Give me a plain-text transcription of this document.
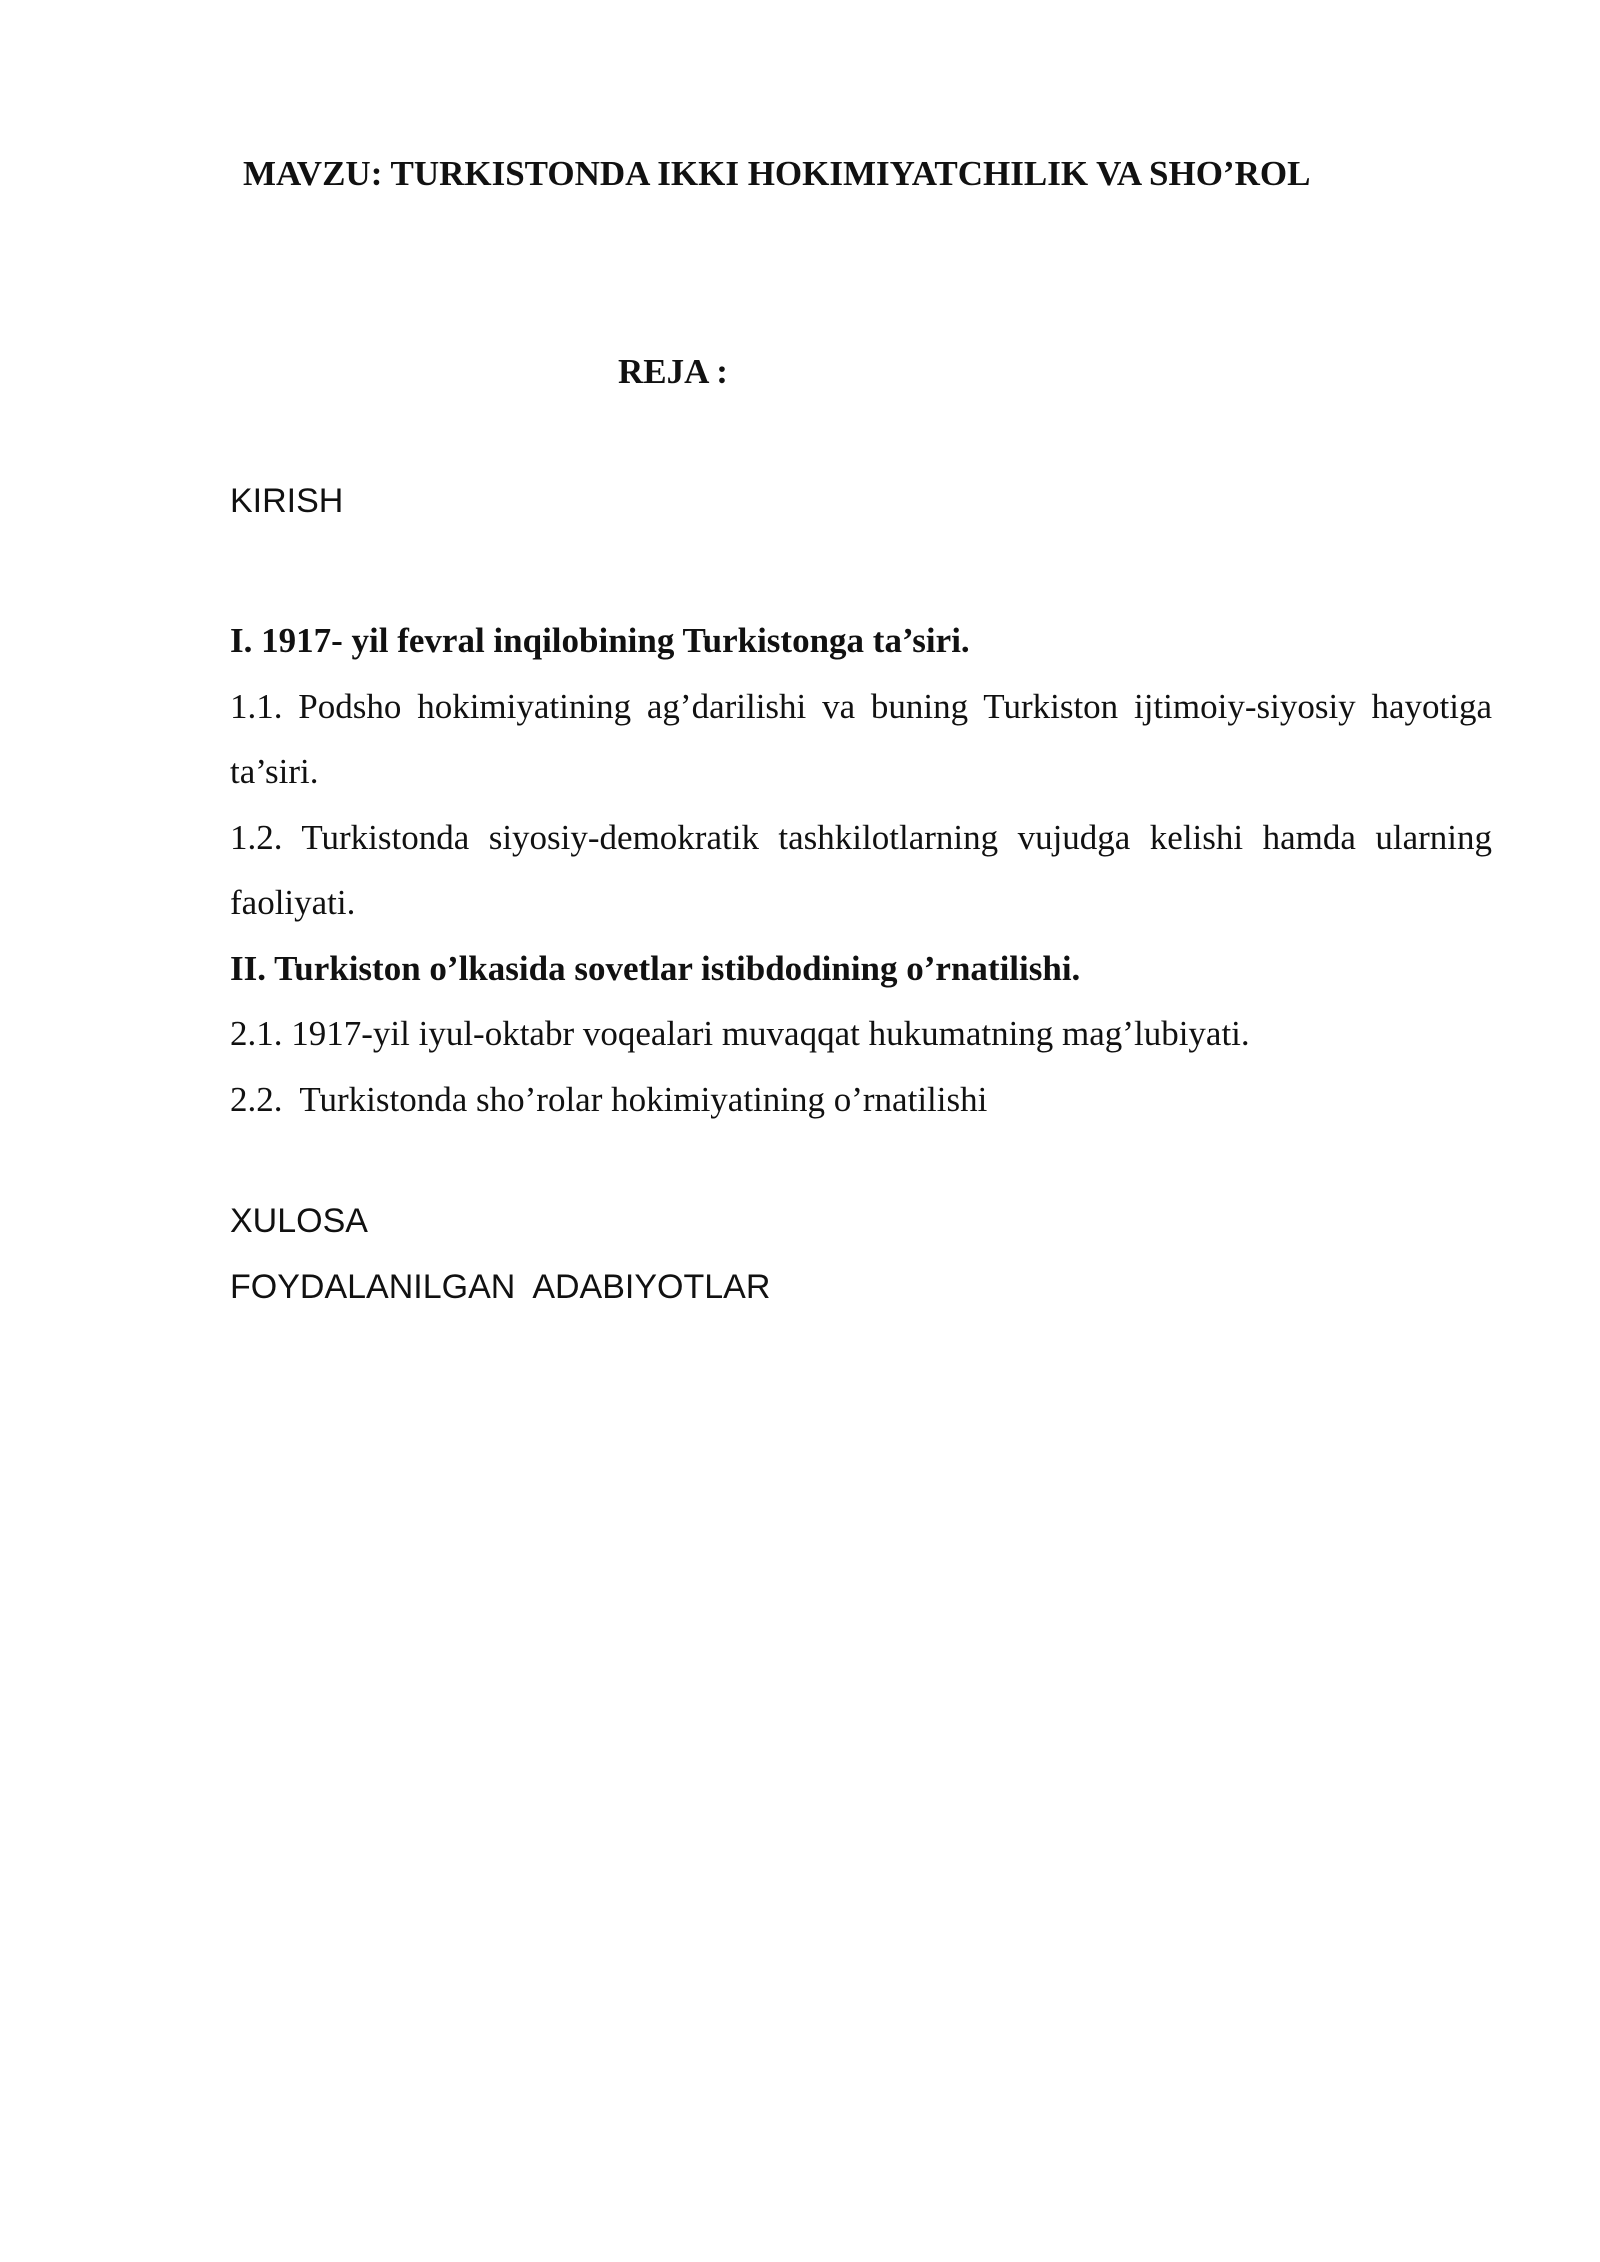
MAVZU: TURKISTONDA IKKI HOKIMIYATCHILIK VA SHO’ROL
REJA :
KIRISH

I. 1917- yil fevral inqilobining Turkistonga ta’siri.

1.1. Podsho hokimiyatining ag’darilishi va buning Turkiston ijtimoiy-siyosiy hayotiga ta’siri.

1.2. Turkistonda siyosiy-demokratik tashkilotlarning vujudga kelishi hamda ularning faoliyati.

II. Turkiston o’lkasida sovetlar istibdodining o’rnatilishi.

2.1. 1917-yil iyul-oktabr voqealari muvaqqat hukumatning mag’lubiyati.

2.2.  Turkistonda sho’rolar hokimiyatining o’rnatilishi

XULOSA
FOYDALANILGAN  ADABIYOTLAR
